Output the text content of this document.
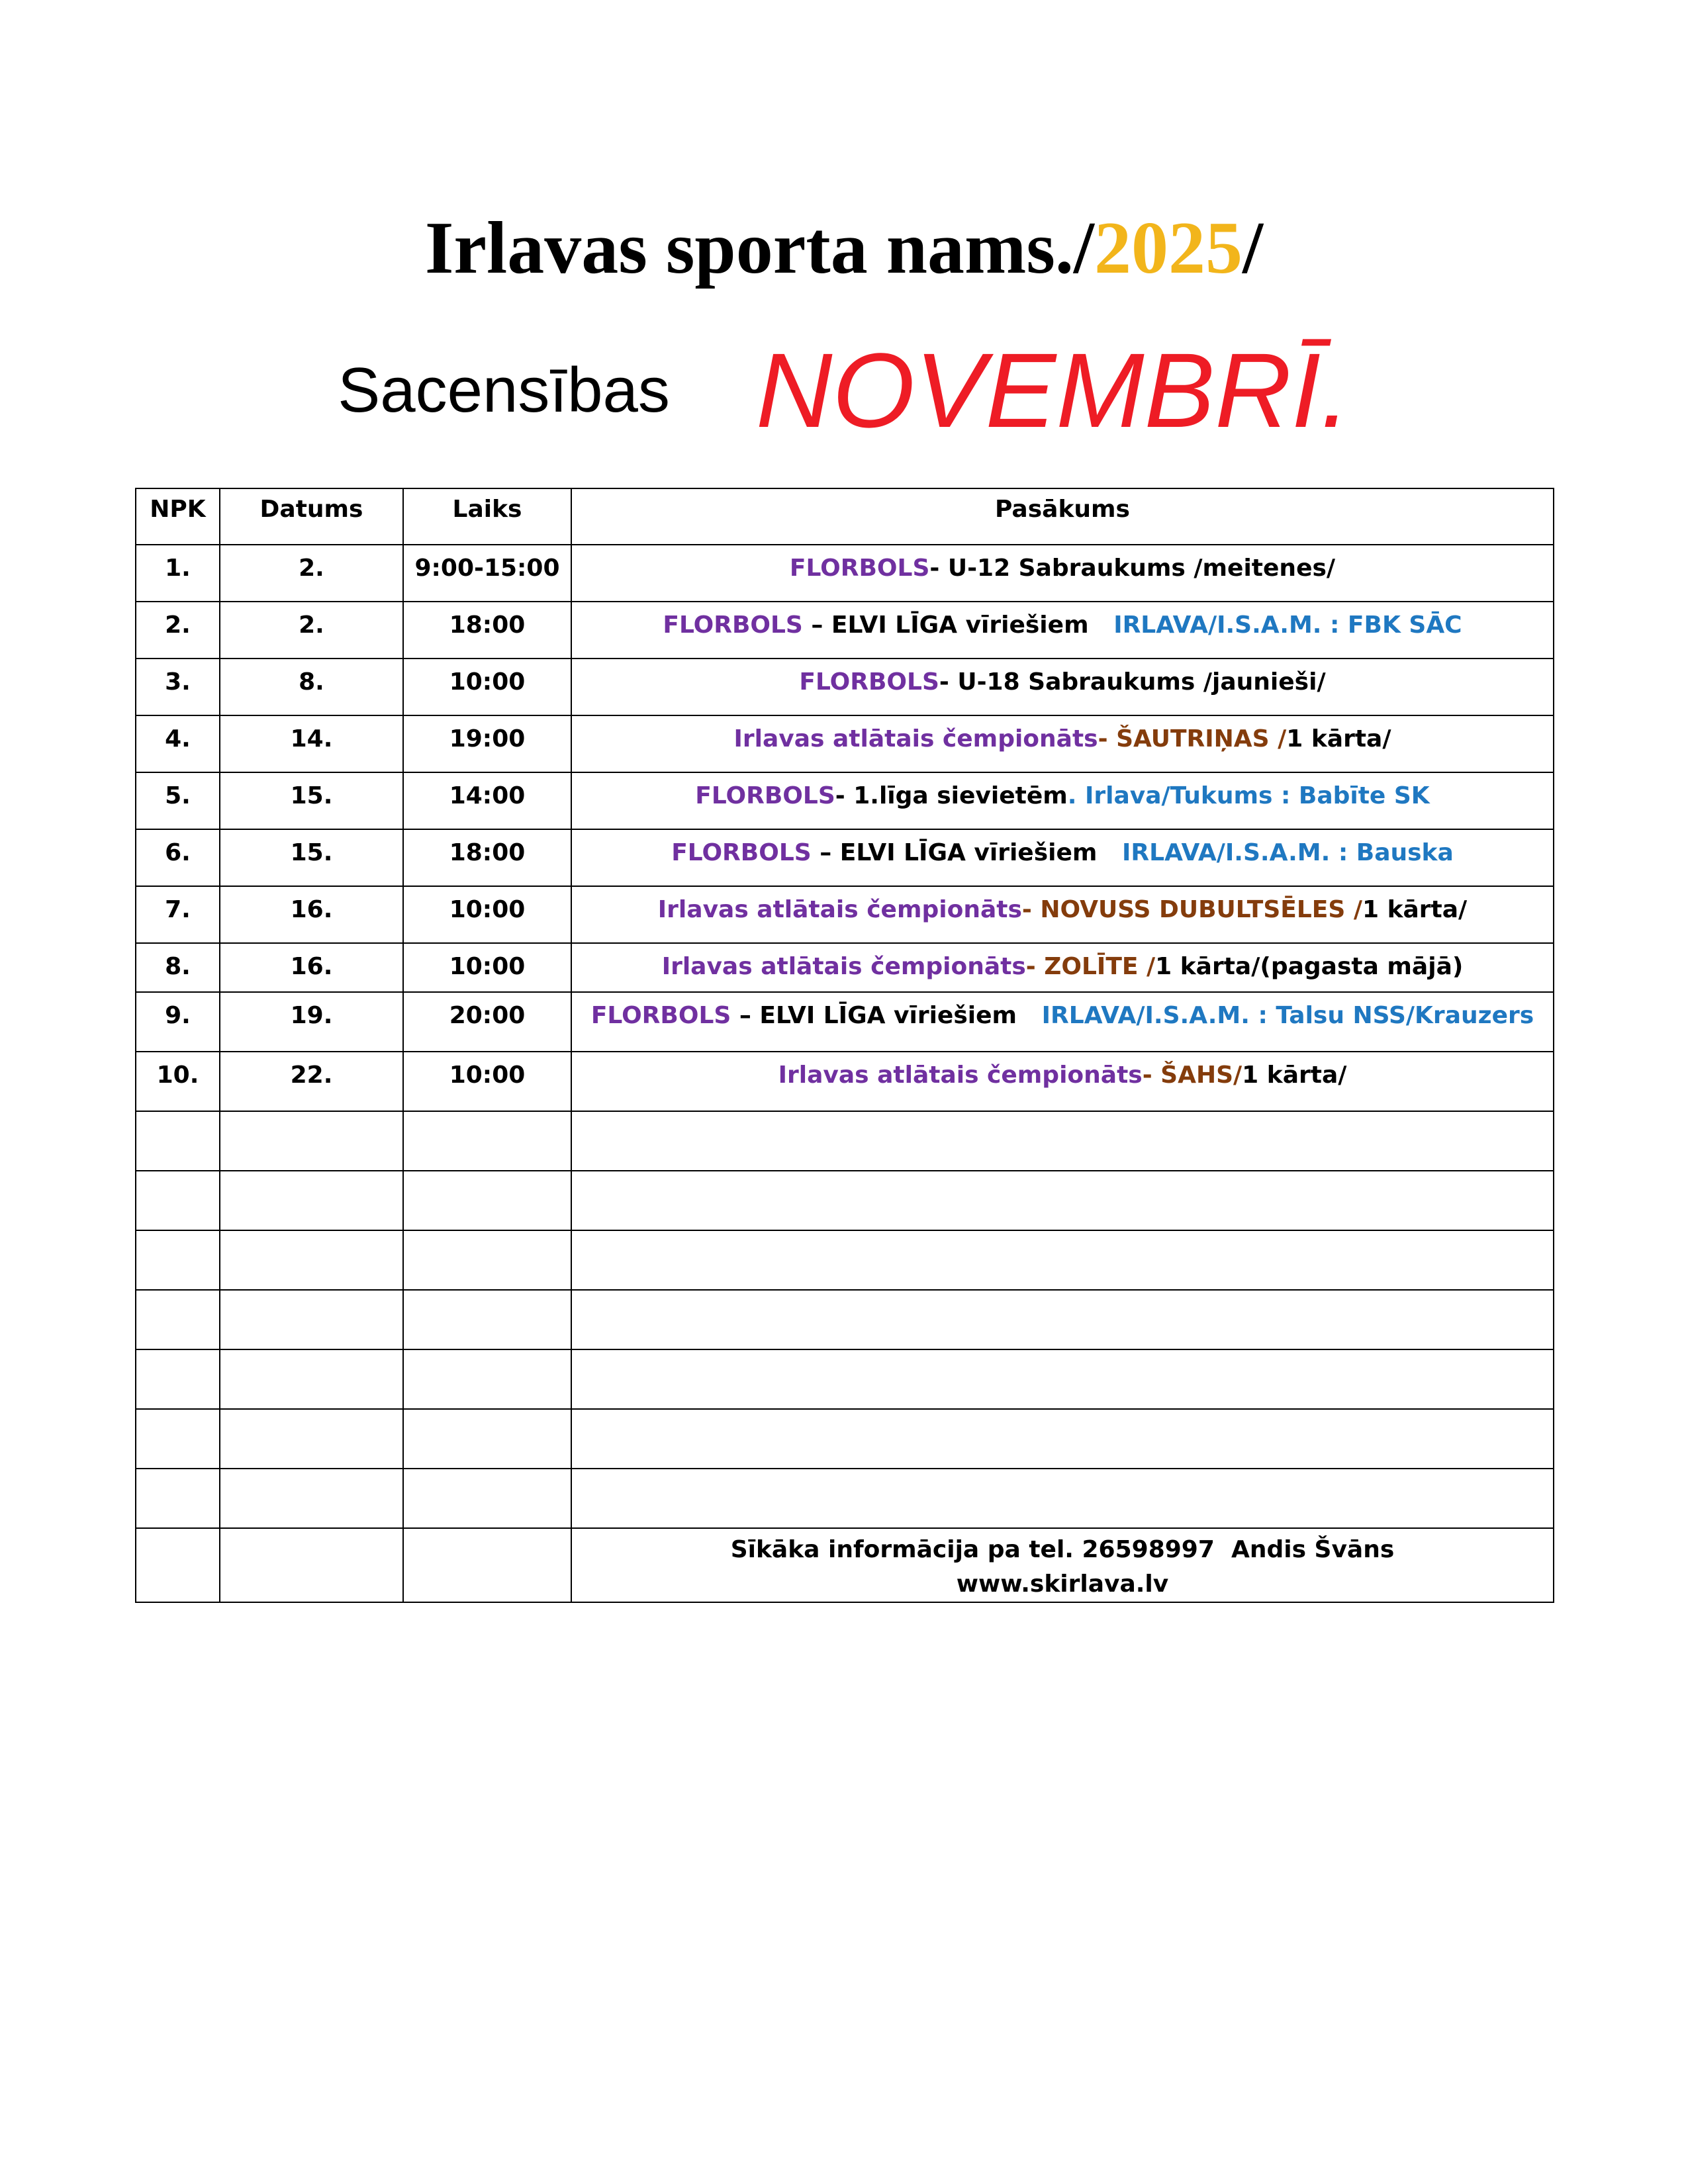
Irlavas sporta nams./2025/
Sacensības NOVEMBRĪ.
NPK	Datums	Laiks	Pasākums
1.	2.	9:00-15:00	FLORBOLS- U-12 Sabraukums /meitenes/
2.	2.	18:00	FLORBOLS – ELVI LĪGA vīriešiem   IRLAVA/I.S.A.M. : FBK SĀC
3.	8.	10:00	FLORBOLS- U-18 Sabraukums /jaunieši/
4.	14.	19:00	Irlavas atlātais čempionāts- ŠAUTRIŅAS /1 kārta/
5.	15.	14:00	FLORBOLS- 1.līga sievietēm. Irlava/Tukums : Babīte SK
6.	15.	18:00	FLORBOLS – ELVI LĪGA vīriešiem   IRLAVA/I.S.A.M. : Bauska
7.	16.	10:00	Irlavas atlātais čempionāts- NOVUSS DUBULTSĒLES /1 kārta/
8.	16.	10:00	Irlavas atlātais čempionāts- ZOLĪTE /1 kārta/(pagasta mājā)
9.	19.	20:00	FLORBOLS – ELVI LĪGA vīriešiem   IRLAVA/I.S.A.M. : Talsu NSS/Krauzers
10.	22.	10:00	Irlavas atlātais čempionāts- ŠAHS/1 kārta/

			Sīkāka informācija pa tel. 26598997  Andis Švāns
www.skirlava.lv
